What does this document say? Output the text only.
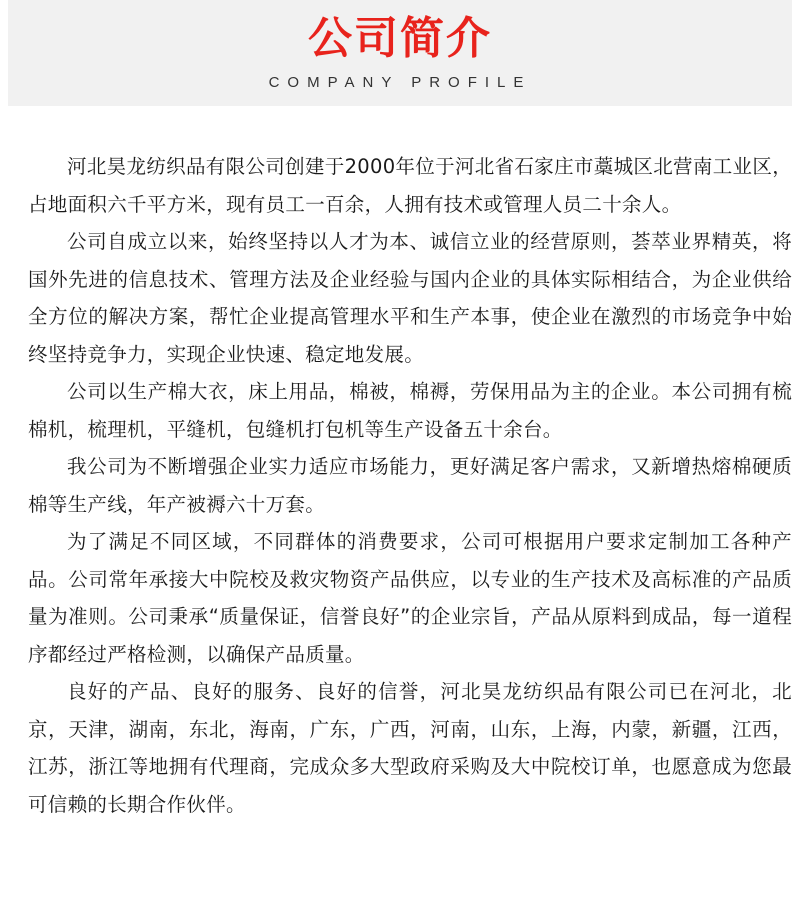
公司简介
COMPANY PROFILE

河北昊龙纺织品有限公司创建于2000年位于河北省石家庄市藁城区北营南工业区，占地面积六千平方米，现有员工一百余，人拥有技术或管理人员二十余人。

公司自成立以来，始终坚持以人才为本、诚信立业的经营原则，荟萃业界精英，将国外先进的信息技术、管理方法及企业经验与国内企业的具体实际相结合，为企业供给全方位的解决方案，帮忙企业提高管理水平和生产本事，使企业在激烈的市场竞争中始终坚持竞争力，实现企业快速、稳定地发展。

公司以生产棉大衣，床上用品，棉被，棉褥，劳保用品为主的企业。本公司拥有梳棉机，梳理机，平缝机，包缝机打包机等生产设备五十余台。

我公司为不断增强企业实力适应市场能力，更好满足客户需求，又新增热熔棉硬质棉等生产线，年产被褥六十万套。

为了满足不同区域，不同群体的消费要求，公司可根据用户要求定制加工各种产品。公司常年承接大中院校及救灾物资产品供应，以专业的生产技术及高标准的产品质量为准则。公司秉承“质量保证，信誉良好”的企业宗旨，产品从原料到成品，每一道程序都经过严格检测，以确保产品质量。

良好的产品、良好的服务、良好的信誉，河北昊龙纺织品有限公司已在河北，北京，天津，湖南，东北，海南，广东，广西，河南，山东，上海，内蒙，新疆，江西，江苏，浙江等地拥有代理商，完成众多大型政府采购及大中院校订单，也愿意成为您最可信赖的长期合作伙伴。
